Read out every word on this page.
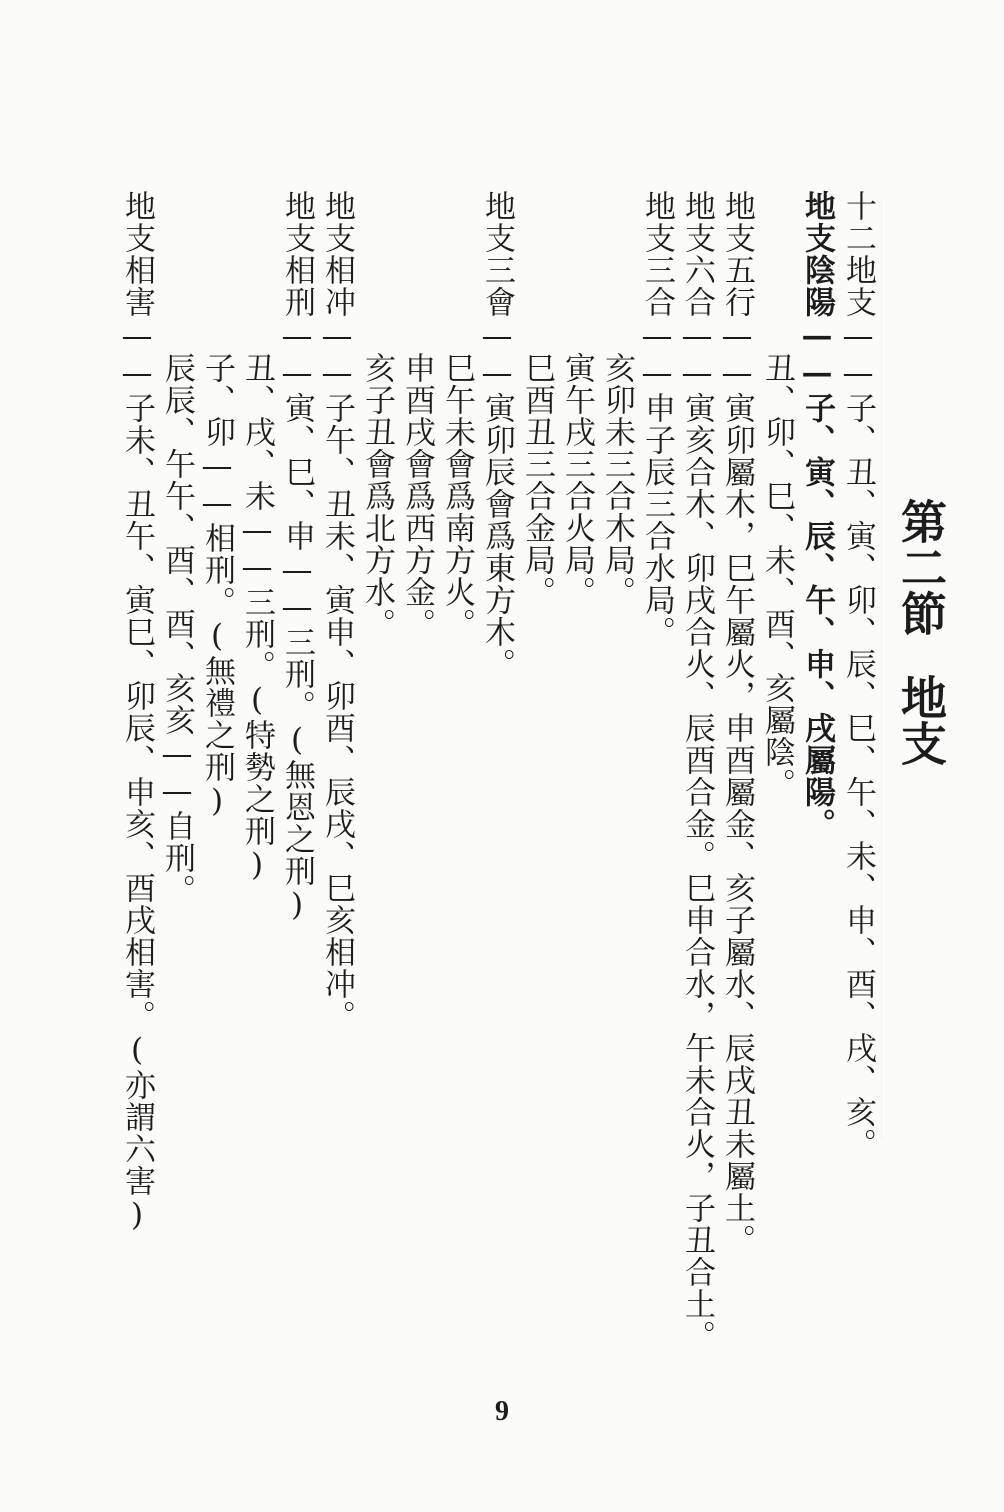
第二節地支
十二地支——子、丑、寅、卯、辰、巳、午、未、申、酉、戌、亥。
地支陰陽——子、寅、辰、午、申、戌屬陽。
丑、卯、巳、未、酉、亥屬陰。
地支五行——寅卯屬木，巳午屬火，申酉屬金、亥子屬水、辰戌丑未屬土。
地支六合——寅亥合木、卯戌合火、辰酉合金。巳申合水，午未合火，子丑合土。
地支三合——申子辰三合水局。
亥卯未三合木局。
寅午戌三合火局。
巳酉丑三合金局。
地支三會——寅卯辰會爲東方木。
巳午未會爲南方火。
申酉戌會爲西方金。
亥子丑會爲北方水。
地支相冲——子午、丑未、寅申、卯酉、辰戌、巳亥相冲。
地支相刑——寅、巳、申——三刑。(無恩之刑)
丑、戌、未——三刑。(特勢之刑)
子、卯——相刑。(無禮之刑)
辰辰、午午、酉、酉、亥亥——自刑。
地支相害——子未、丑午、寅巳、卯辰、申亥、酉戌相害。(亦謂六害)
9
